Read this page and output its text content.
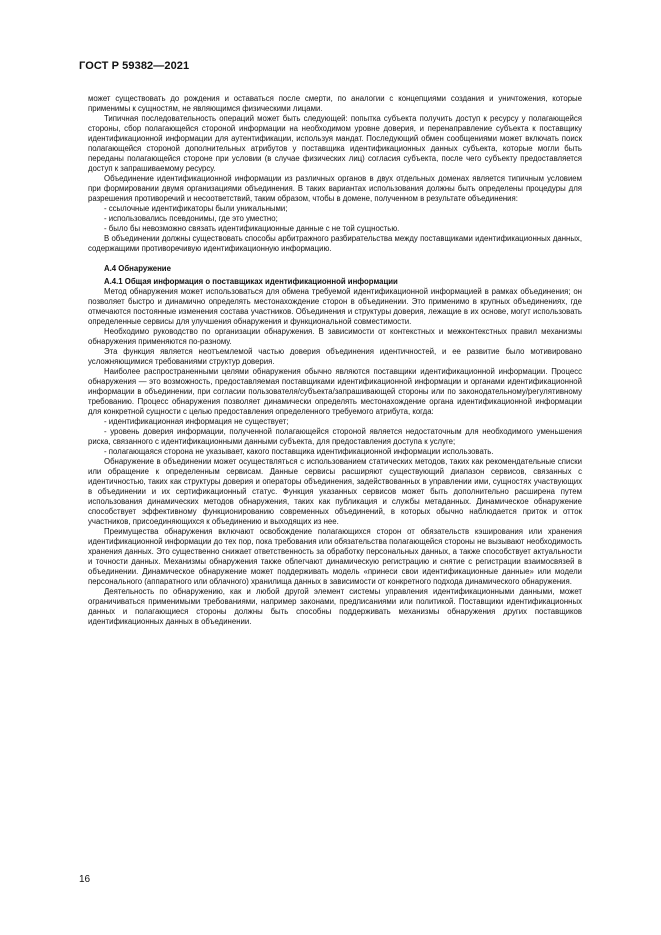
ГОСТ Р 59382—2021

может существовать до рождения и оставаться после смерти, по аналогии с концепциями создания и уничтожения, которые применимы к сущностям, не являющимся физическими лицами.

Типичная последовательность операций может быть следующей: попытка субъекта получить доступ к ресурсу у полагающейся стороны, сбор полагающейся стороной информации на необходимом уровне доверия, и перенаправление субъекта к поставщику идентификационной информации для аутентификации, используя мандат. Последующий обмен сообщениями может включать поиск полагающейся стороной дополнительных атрибутов у поставщика идентификационных данных субъекта, которые могли быть переданы полагающейся стороне при условии (в случае физических лиц) согласия субъекта, после чего субъекту предоставляется доступ к запрашиваемому ресурсу.

Объединение идентификационной информации из различных органов в двух отдельных доменах является типичным условием при формировании двумя организациями объединения. В таких вариантах использования должны быть определены процедуры для разрешения противоречий и несоответствий, таким образом, чтобы в домене, полученном в результате объединения:

- ссылочные идентификаторы были уникальными;

- использовались псевдонимы, где это уместно;

- было бы невозможно связать идентификационные данные с не той сущностью.

В объединении должны существовать способы арбитражного разбирательства между поставщиками идентификационных данных, содержащими противоречивую идентификационную информацию.

А.4 Обнаружение
А.4.1 Общая информация о поставщиках идентификационной информации

Метод обнаружения может использоваться для обмена требуемой идентификационной информацией в рамках объединения; он позволяет быстро и динамично определять местонахождение сторон в объединении. Это применимо в крупных объединениях, где отмечаются постоянные изменения состава участников. Объединения и структуры доверия, лежащие в их основе, могут использовать определенные сервисы для улучшения обнаружения и функциональной совместимости.

Необходимо руководство по организации обнаружения. В зависимости от контекстных и межконтекстных правил механизмы обнаружения применяются по-разному.

Эта функция является неотъемлемой частью доверия объединения идентичностей, и ее развитие было мотивировано усложняющимися требованиями структур доверия.

Наиболее распространенными целями обнаружения обычно являются поставщики идентификационной информации. Процесс обнаружения — это возможность, предоставляемая поставщиками идентификационной информации и органами идентификационной информации в объединении, при согласии пользователя/субъекта/запрашивающей стороны или по законодательному/регулятивному требованию. Процесс обнаружения позволяет динамически определять местонахождение органа идентификационной информации для конкретной сущности с целью предоставления определенного требуемого атрибута, когда:

- идентификационная информация не существует;

- уровень доверия информации, полученной полагающейся стороной является недостаточным для необходимого уменьшения риска, связанного с идентификационными данными субъекта, для предоставления доступа к услуге;

- полагающаяся сторона не указывает, какого поставщика идентификационной информации использовать.

Обнаружение в объединении может осуществляться с использованием статических методов, таких как рекомендательные списки или обращение к определенным сервисам. Данные сервисы расширяют существующий диапазон сервисов, связанных с идентичностью, таких как структуры доверия и операторы объединения, задействованных в управлении ими, сущностях участвующих в объединении и их сертификационный статус. Функция указанных сервисов может быть дополнительно расширена путем использования динамических методов обнаружения, таких как публикация и службы метаданных. Динамическое обнаружение способствует эффективному функционированию современных объединений, в которых обычно наблюдается приток и отток участников, присоединяющихся к объединению и выходящих из нее.

Преимущества обнаружения включают освобождение полагающихся сторон от обязательств кэширования или хранения идентификационной информации до тех пор, пока требования или обязательства полагающейся стороны не вызывают необходимость хранения данных. Это существенно снижает ответственность за обработку персональных данных, а также способствует актуальности и точности данных. Механизмы обнаружения также облегчают динамическую регистрацию и снятие с регистрации взаимосвязей в объединении. Динамическое обнаружение может поддерживать модель «принеси свои идентификационные данные» или модели персонального (аппаратного или облачного) хранилища данных в зависимости от конкретного подхода динамического обнаружения.

Деятельность по обнаружению, как и любой другой элемент системы управления идентификационными данными, может ограничиваться применимыми требованиями, например законами, предписаниями или политикой. Поставщики идентификационных данных и полагающиеся стороны должны быть способны поддерживать механизмы обнаружения других поставщиков идентификационных данных в объединении.

16
